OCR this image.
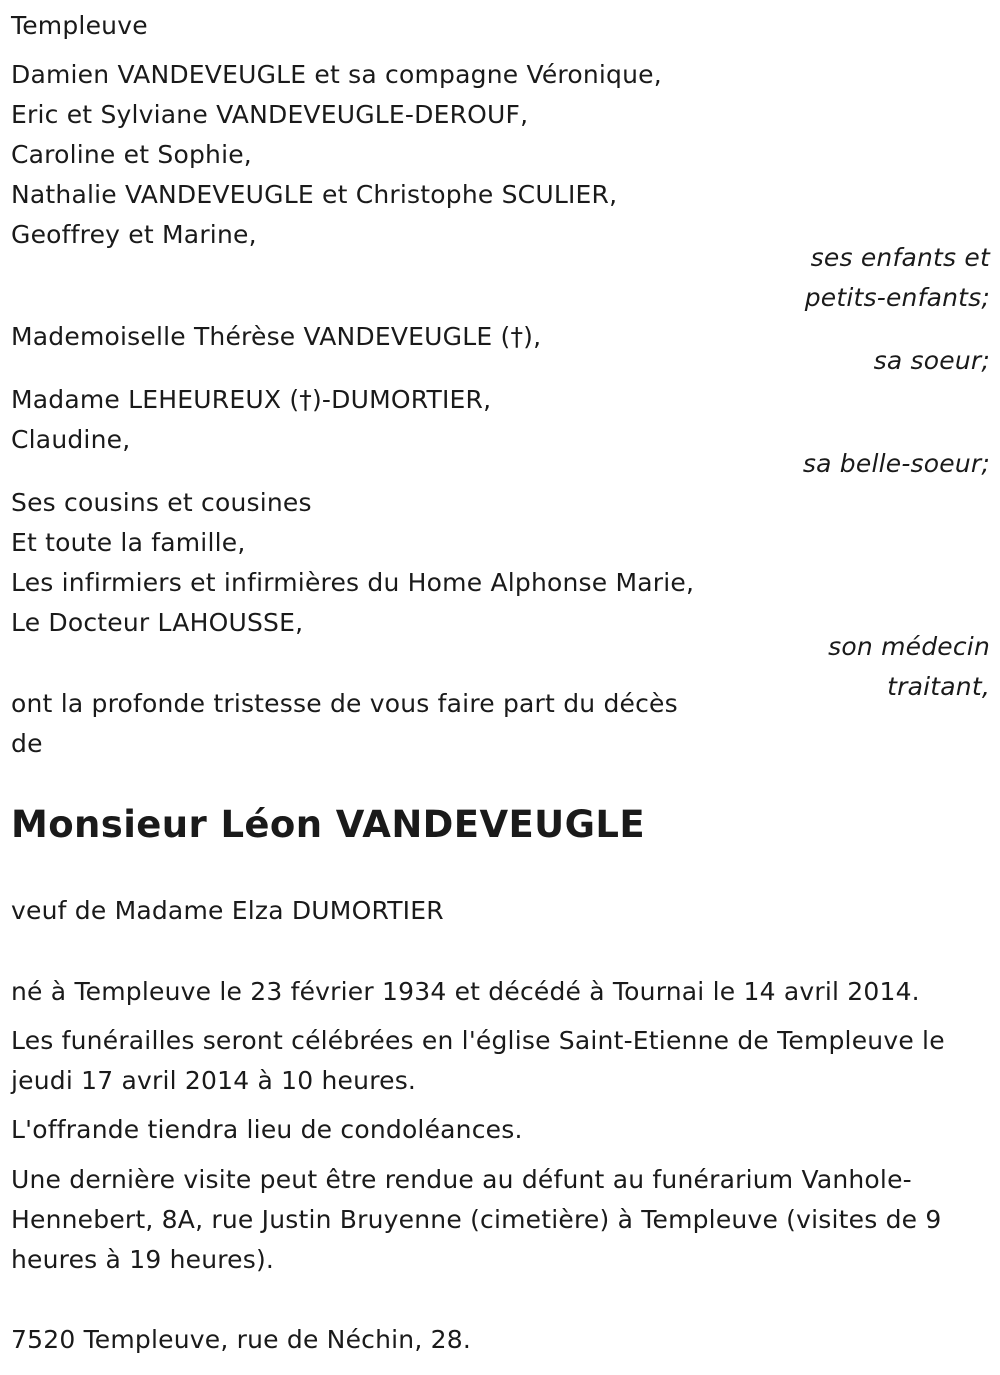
Templeuve
Damien VANDEVEUGLE et sa compagne Véronique,
Eric et Sylviane VANDEVEUGLE-DEROUF,
Caroline et Sophie,
Nathalie VANDEVEUGLE et Christophe SCULIER,
Geoffrey et Marine,
ses enfants et
petits-enfants;
Mademoiselle Thérèse VANDEVEUGLE (†),
sa soeur;
Madame LEHEUREUX (†)-DUMORTIER,
Claudine,
sa belle-soeur;
Ses cousins et cousines
Et toute la famille,
Les infirmiers et infirmières du Home Alphonse Marie,
Le Docteur LAHOUSSE,
son médecin
traitant,
ont la profonde tristesse de vous faire part du décès
de
Monsieur Léon VANDEVEUGLE
veuf de Madame Elza DUMORTIER
né à Templeuve le 23 février 1934 et décédé à Tournai le 14 avril 2014.
Les funérailles seront célébrées en l'église Saint-Etienne de Templeuve le
jeudi 17 avril 2014 à 10 heures.
L'offrande tiendra lieu de condoléances.
Une dernière visite peut être rendue au défunt au funérarium Vanhole-
Hennebert, 8A, rue Justin Bruyenne (cimetière) à Templeuve (visites de 9
heures à 19 heures).
7520 Templeuve, rue de Néchin, 28.
